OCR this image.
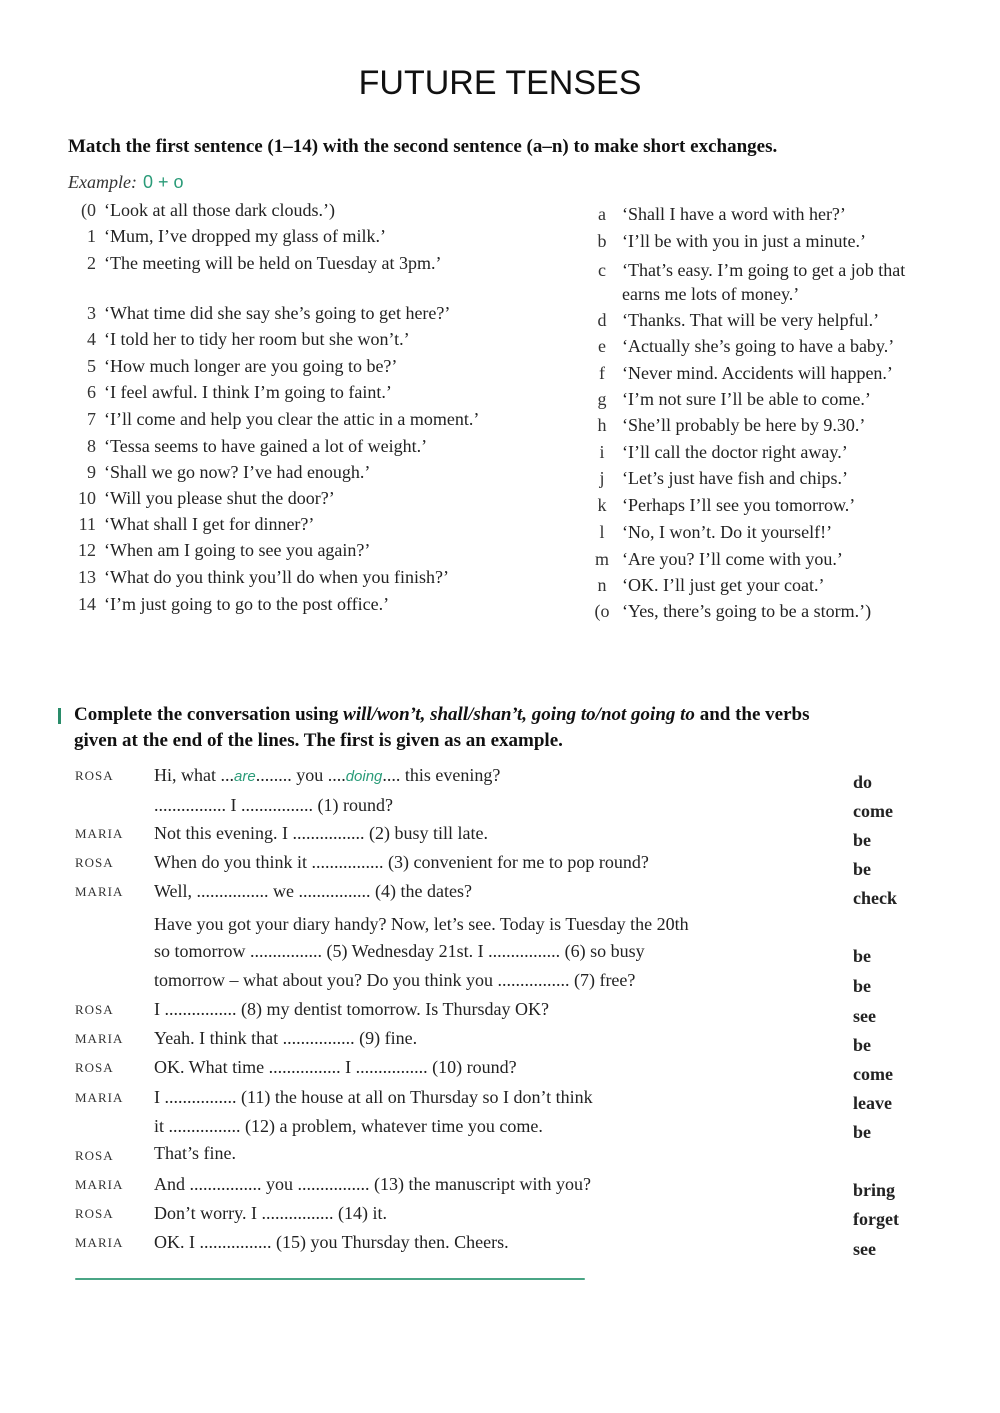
FUTURE TENSES
Match the first sentence (1–14) with the second sentence (a–n) to make short exchanges.
Example: 0 + o
(0 ‘Look at all those dark clouds.’)
1 ‘Mum, I’ve dropped my glass of milk.’
2 ‘The meeting will be held on Tuesday at 3pm.’
3 ‘What time did she say she’s going to get here?’
4 ‘I told her to tidy her room but she won’t.’
5 ‘How much longer are you going to be?’
6 ‘I feel awful. I think I’m going to faint.’
7 ‘I’ll come and help you clear the attic in a moment.’
8 ‘Tessa seems to have gained a lot of weight.’
9 ‘Shall we go now? I’ve had enough.’
10 ‘Will you please shut the door?’
11 ‘What shall I get for dinner?’
12 ‘When am I going to see you again?’
13 ‘What do you think you’ll do when you finish?’
14 ‘I’m just going to go to the post office.’
a ‘Shall I have a word with her?’
b ‘I’ll be with you in just a minute.’
c ‘That’s easy. I’m going to get a job that earns me lots of money.’
d ‘Thanks. That will be very helpful.’
e ‘Actually she’s going to have a baby.’
f ‘Never mind. Accidents will happen.’
g ‘I’m not sure I’ll be able to come.’
h ‘She’ll probably be here by 9.30.’
i ‘I’ll call the doctor right away.’
j ‘Let’s just have fish and chips.’
k ‘Perhaps I’ll see you tomorrow.’
l ‘No, I won’t. Do it yourself!’
m ‘Are you? I’ll come with you.’
n ‘OK. I’ll just get your coat.’
(o ‘Yes, there’s going to be a storm.’)
Complete the conversation using will/won’t, shall/shan’t, going to/not going to and the verbs given at the end of the lines. The first is given as an example.
ROSA Hi, what ...are........ you ....doing.... this evening?	do
................ I ................ (1) round?	come
MARIA Not this evening. I ................ (2) busy till late.	be
ROSA When do you think it ................ (3) convenient for me to pop round?	be
MARIA Well, ................ we ................ (4) the dates?	check
Have you got your diary handy? Now, let’s see. Today is Tuesday the 20th
so tomorrow ................ (5) Wednesday 21st. I ................ (6) so busy	be
tomorrow – what about you? Do you think you ................ (7) free?	be
ROSA I ................ (8) my dentist tomorrow. Is Thursday OK?	see
MARIA Yeah. I think that ................ (9) fine.	be
ROSA OK. What time ................ I ................ (10) round?	come
MARIA I ................ (11) the house at all on Thursday so I don’t think	leave
it ................ (12) a problem, whatever time you come.	be
ROSA That’s fine.
MARIA And ................ you ................ (13) the manuscript with you?	bring
ROSA Don’t worry. I ................ (14) it.	forget
MARIA OK. I ................ (15) you Thursday then. Cheers.	see
